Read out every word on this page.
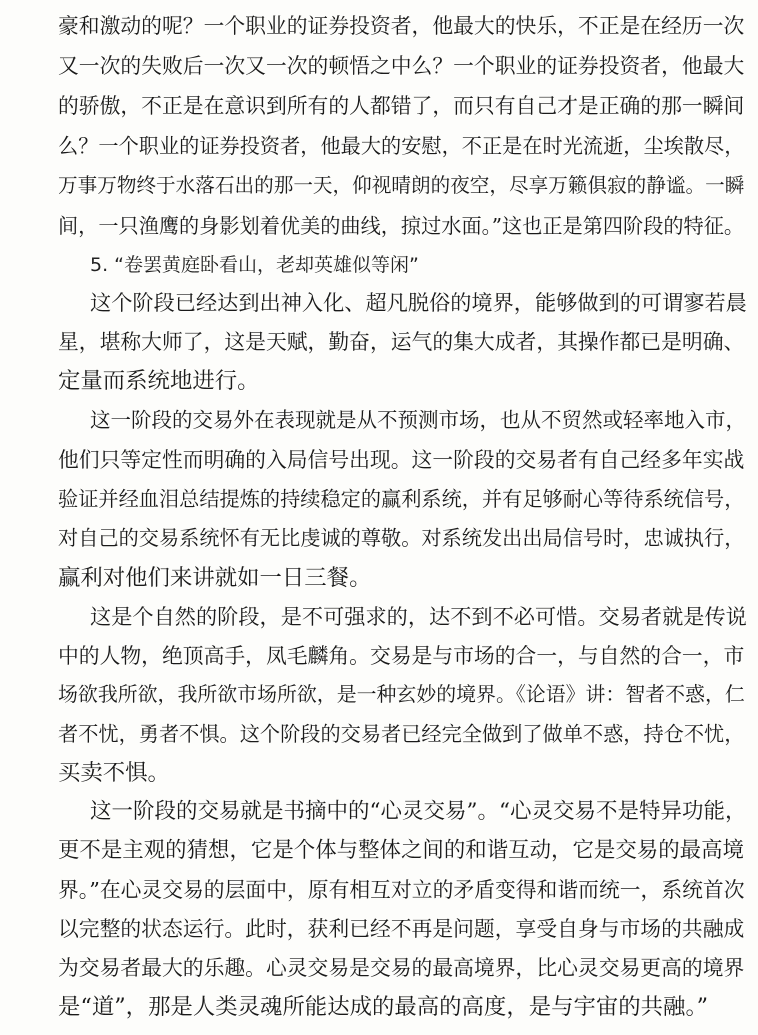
豪和激动的呢？一个职业的证券投资者，他最大的快乐，不正是在经历一次
又一次的失败后一次又一次的顿悟之中么？一个职业的证券投资者，他最大
的骄傲，不正是在意识到所有的人都错了，而只有自己才是正确的那一瞬间
么？一个职业的证券投资者，他最大的安慰，不正是在时光流逝，尘埃散尽，
万事万物终于水落石出的那一天，仰视晴朗的夜空，尽享万籁俱寂的静谧。一瞬
间，一只渔鹰的身影划着优美的曲线，掠过水面。”这也正是第四阶段的特征。
5. “卷罢黄庭卧看山，老却英雄似等闲”
这个阶段已经达到出神入化、超凡脱俗的境界，能够做到的可谓寥若晨
星，堪称大师了，这是天赋，勤奋，运气的集大成者，其操作都已是明确、
定量而系统地进行。
这一阶段的交易外在表现就是从不预测市场，也从不贸然或轻率地入市，
他们只等定性而明确的入局信号出现。这一阶段的交易者有自己经多年实战
验证并经血泪总结提炼的持续稳定的赢利系统，并有足够耐心等待系统信号，
对自己的交易系统怀有无比虔诚的尊敬。对系统发出出局信号时，忠诚执行，
赢利对他们来讲就如一日三餐。
这是个自然的阶段，是不可强求的，达不到不必可惜。交易者就是传说
中的人物，绝顶高手，凤毛麟角。交易是与市场的合一，与自然的合一，市
场欲我所欲，我所欲市场所欲，是一种玄妙的境界。《论语》讲：智者不惑，仁
者不忧，勇者不惧。这个阶段的交易者已经完全做到了做单不惑，持仓不忧，
买卖不惧。
这一阶段的交易就是书摘中的“心灵交易”。“心灵交易不是特异功能，
更不是主观的猜想，它是个体与整体之间的和谐互动，它是交易的最高境
界。”在心灵交易的层面中，原有相互对立的矛盾变得和谐而统一，系统首次
以完整的状态运行。此时，获利已经不再是问题，享受自身与市场的共融成
为交易者最大的乐趣。心灵交易是交易的最高境界，比心灵交易更高的境界
是“道”，那是人类灵魂所能达成的最高的高度，是与宇宙的共融。”
